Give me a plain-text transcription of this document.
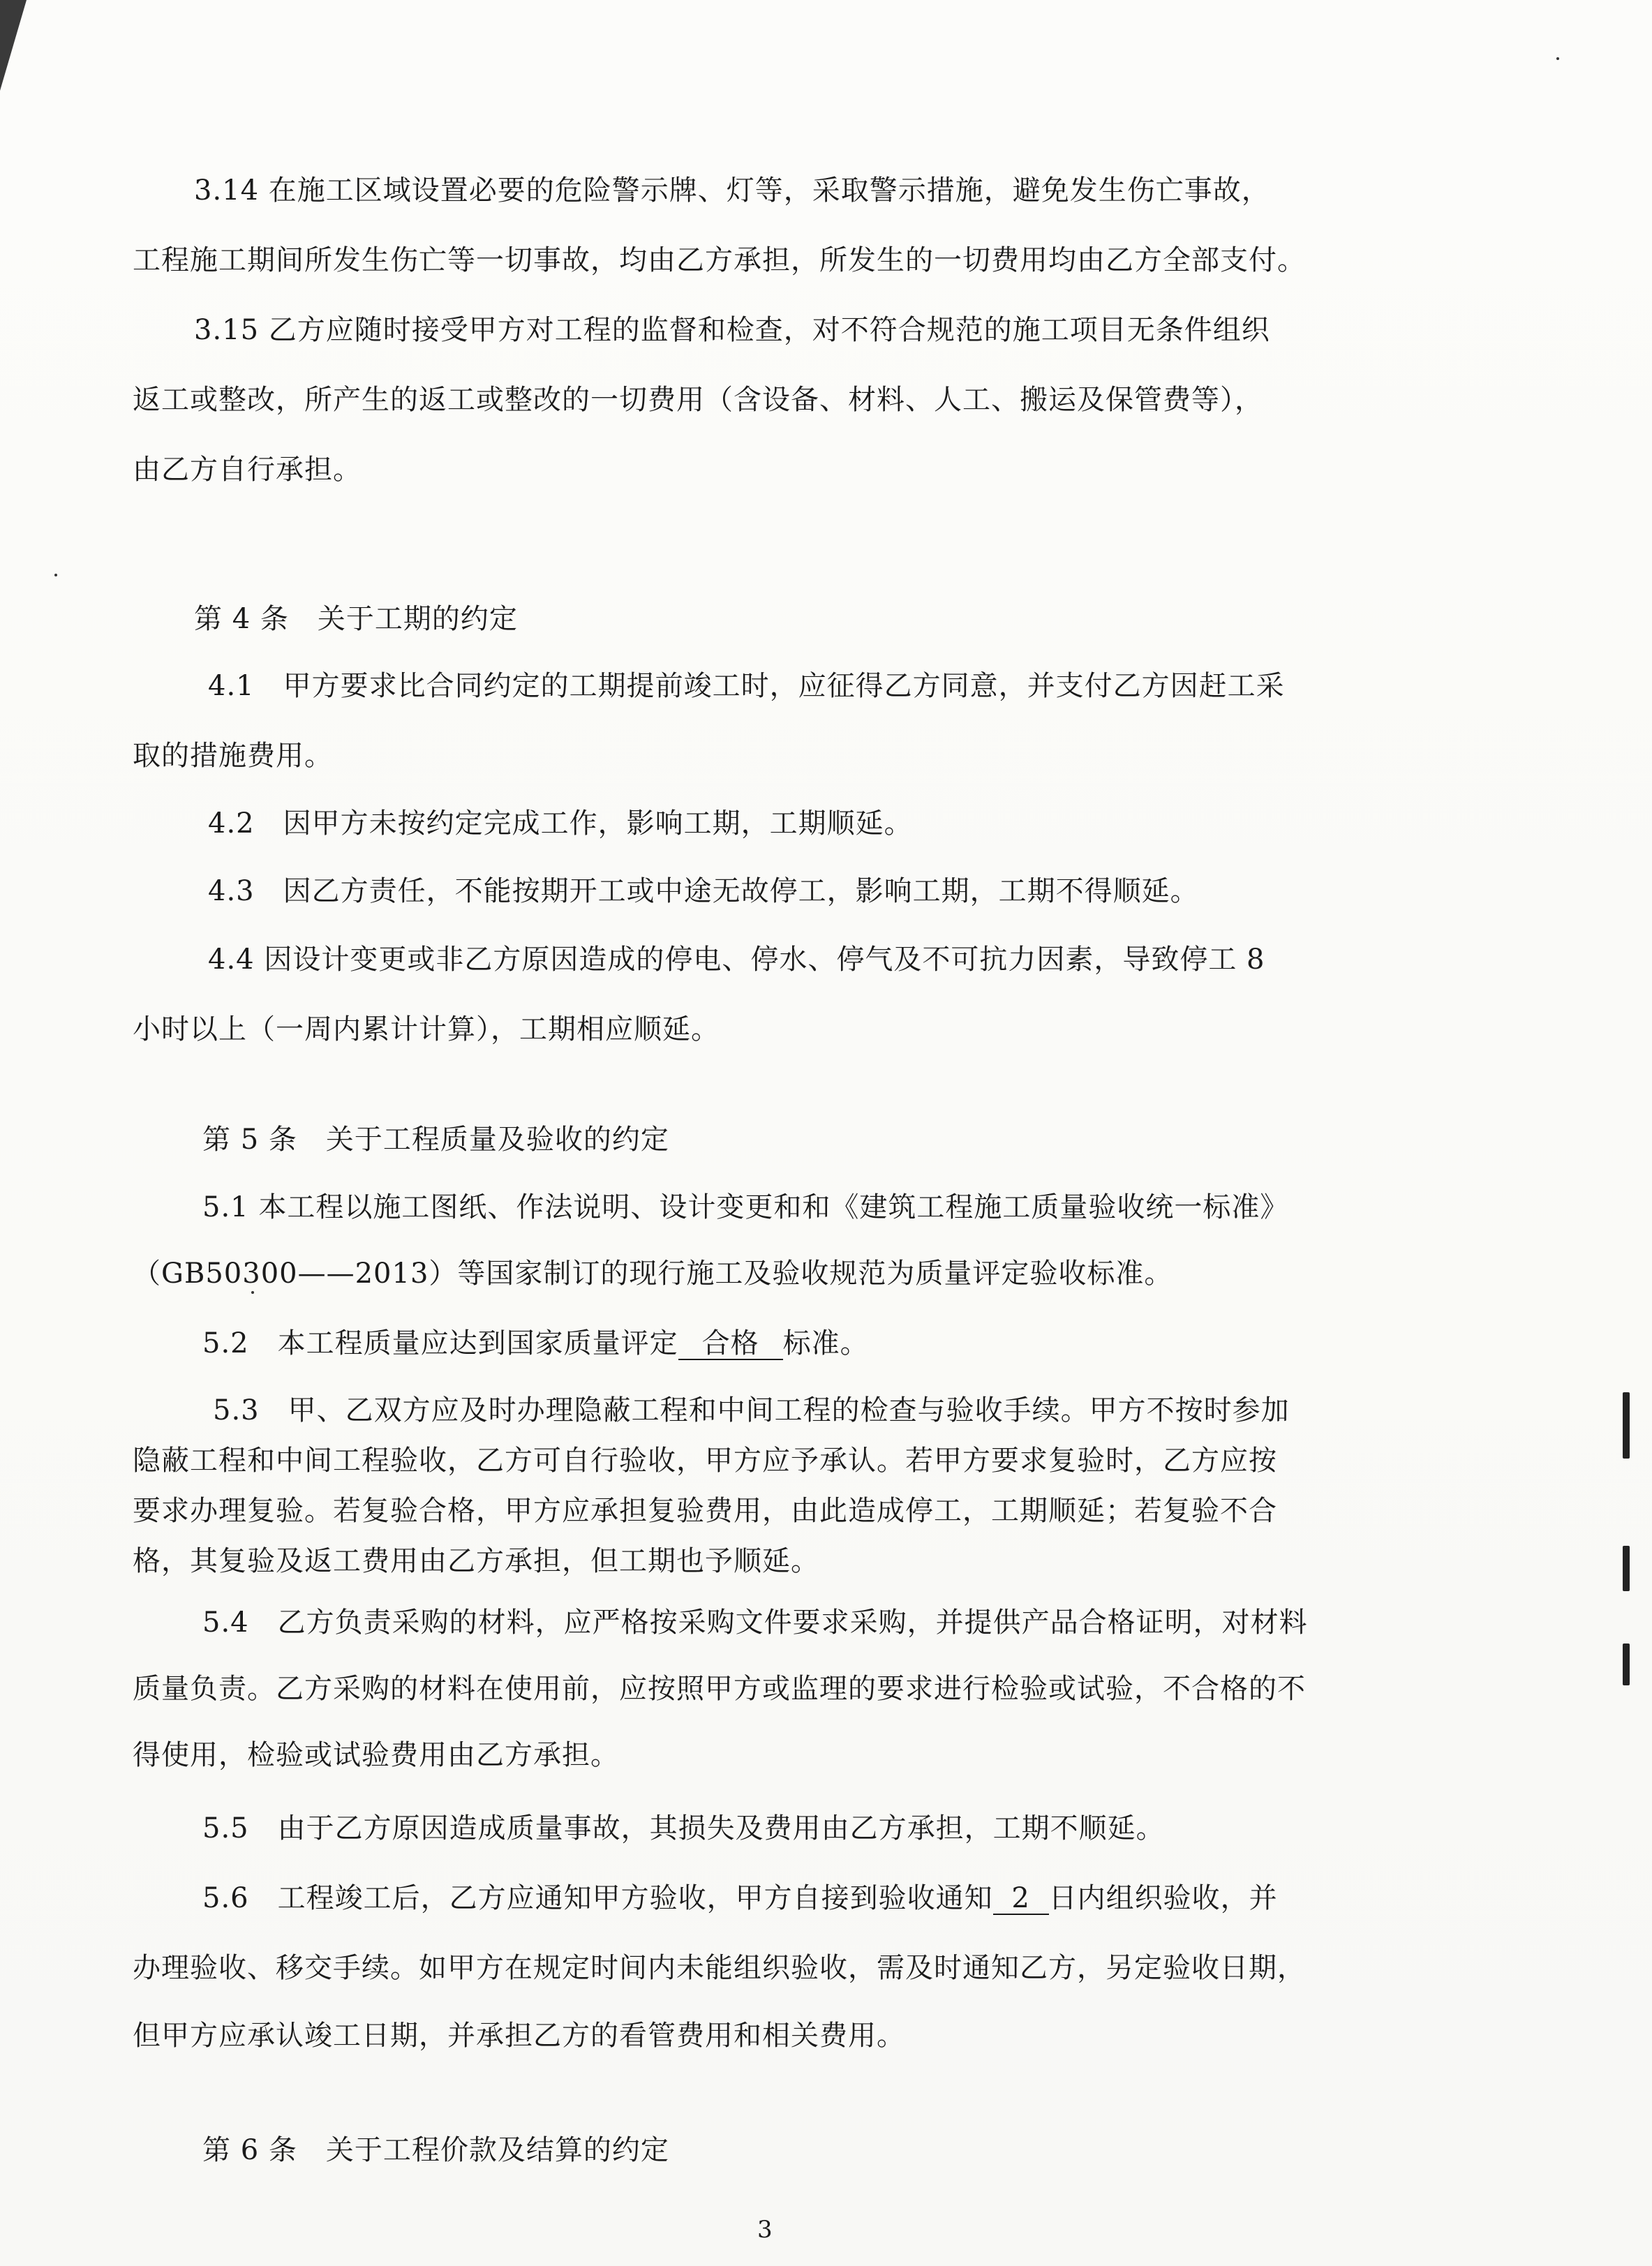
3.14 在施工区域设置必要的危险警示牌、灯等，采取警示措施，避免发生伤亡事故，
工程施工期间所发生伤亡等一切事故，均由乙方承担，所发生的一切费用均由乙方全部支付。
3.15 乙方应随时接受甲方对工程的监督和检查，对不符合规范的施工项目无条件组织
返工或整改，所产生的返工或整改的一切费用（含设备、材料、人工、搬运及保管费等），
由乙方自行承担。
第 4 条　关于工期的约定
4.1　甲方要求比合同约定的工期提前竣工时，应征得乙方同意，并支付乙方因赶工采
取的措施费用。
4.2　因甲方未按约定完成工作，影响工期，工期顺延。
4.3　因乙方责任，不能按期开工或中途无故停工，影响工期，工期不得顺延。
4.4 因设计变更或非乙方原因造成的停电、停水、停气及不可抗力因素，导致停工 8
小时以上（一周内累计计算），工期相应顺延。
第 5 条　关于工程质量及验收的约定
5.1 本工程以施工图纸、作法说明、设计变更和和《建筑工程施工质量验收统一标准》
（GB50300——2013）等国家制订的现行施工及验收规范为质量评定验收标准。
5.2　本工程质量应达到国家质量评定 合格 标准。
5.3　甲、乙双方应及时办理隐蔽工程和中间工程的检查与验收手续。甲方不按时参加
隐蔽工程和中间工程验收，乙方可自行验收，甲方应予承认。若甲方要求复验时，乙方应按
要求办理复验。若复验合格，甲方应承担复验费用，由此造成停工，工期顺延；若复验不合
格，其复验及返工费用由乙方承担，但工期也予顺延。
5.4　乙方负责采购的材料，应严格按采购文件要求采购，并提供产品合格证明，对材料
质量负责。乙方采购的材料在使用前，应按照甲方或监理的要求进行检验或试验，不合格的不
得使用，检验或试验费用由乙方承担。
5.5　由于乙方原因造成质量事故，其损失及费用由乙方承担，工期不顺延。
5.6　工程竣工后，乙方应通知甲方验收，甲方自接到验收通知 2 日内组织验收，并
办理验收、移交手续。如甲方在规定时间内未能组织验收，需及时通知乙方，另定验收日期，
但甲方应承认竣工日期，并承担乙方的看管费用和相关费用。
第 6 条　关于工程价款及结算的约定
3
